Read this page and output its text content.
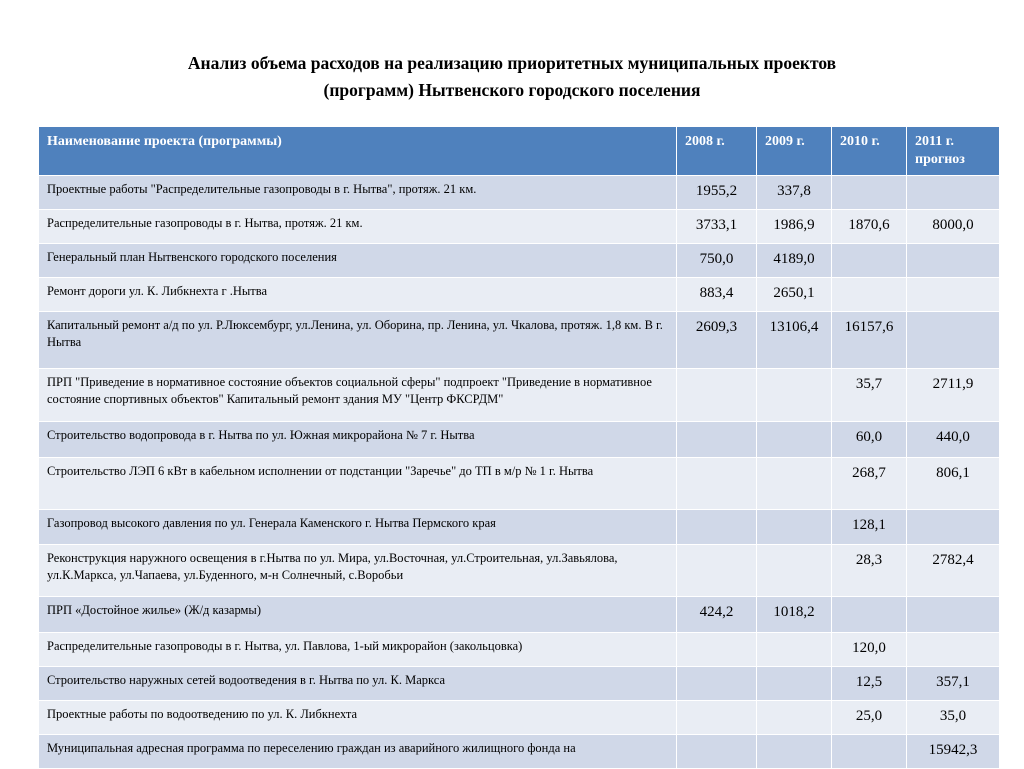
Анализ объема расходов на реализацию приоритетных муниципальных проектов
(программ) Нытвенского городского поселения
Наименование проекта (программы)	2008 г.	2009 г.	2010 г.	2011 г.
прогноз

Проектные работы "Распределительные газопроводы в г. Нытва", протяж. 21 км.	1955,2	337,8		
Распределительные газопроводы в г. Нытва, протяж. 21 км.	3733,1	1986,9	1870,6	8000,0
Генеральный план Нытвенского городского поселения	750,0	4189,0		
Ремонт дороги ул. К. Либкнехта г .Нытва	883,4	2650,1		
Капитальный ремонт а/д по ул. Р.Люксембург, ул.Ленина, ул. Оборина, пр. Ленина, ул. Чкалова, протяж. 1,8 км. В г. Нытва	2609,3	13106,4	16157,6	
ПРП "Приведение в нормативное состояние объектов социальной сферы" подпроект "Приведение в нормативное состояние спортивных объектов" Капитальный ремонт здания МУ "Центр ФКСРДМ"			35,7	2711,9
Строительство водопровода в г. Нытва по ул. Южная микрорайона № 7 г. Нытва			60,0	440,0
Строительство ЛЭП 6 кВт в кабельном исполнении от подстанции "Заречье" до ТП в м/р № 1 г. Нытва			268,7	806,1
Газопровод высокого давления по ул. Генерала Каменского г. Нытва Пермского края			128,1	
Реконструкция наружного освещения в г.Нытва по ул. Мира, ул.Восточная, ул.Строительная, ул.Завьялова, ул.К.Маркса, ул.Чапаева, ул.Буденного, м-н Солнечный, с.Воробьи			28,3	2782,4
ПРП «Достойное жилье» (Ж/д казармы)	424,2	1018,2		
Распределительные газопроводы в г. Нытва, ул. Павлова, 1-ый микрорайон (закольцовка)			120,0	
Строительство наружных сетей водоотведения в г. Нытва по ул. К. Маркса			12,5	357,1
Проектные работы по водоотведению по ул. К. Либкнехта			25,0	35,0
Муниципальная адресная программа по переселению граждан из аварийного жилищного фонда на				15942,3
